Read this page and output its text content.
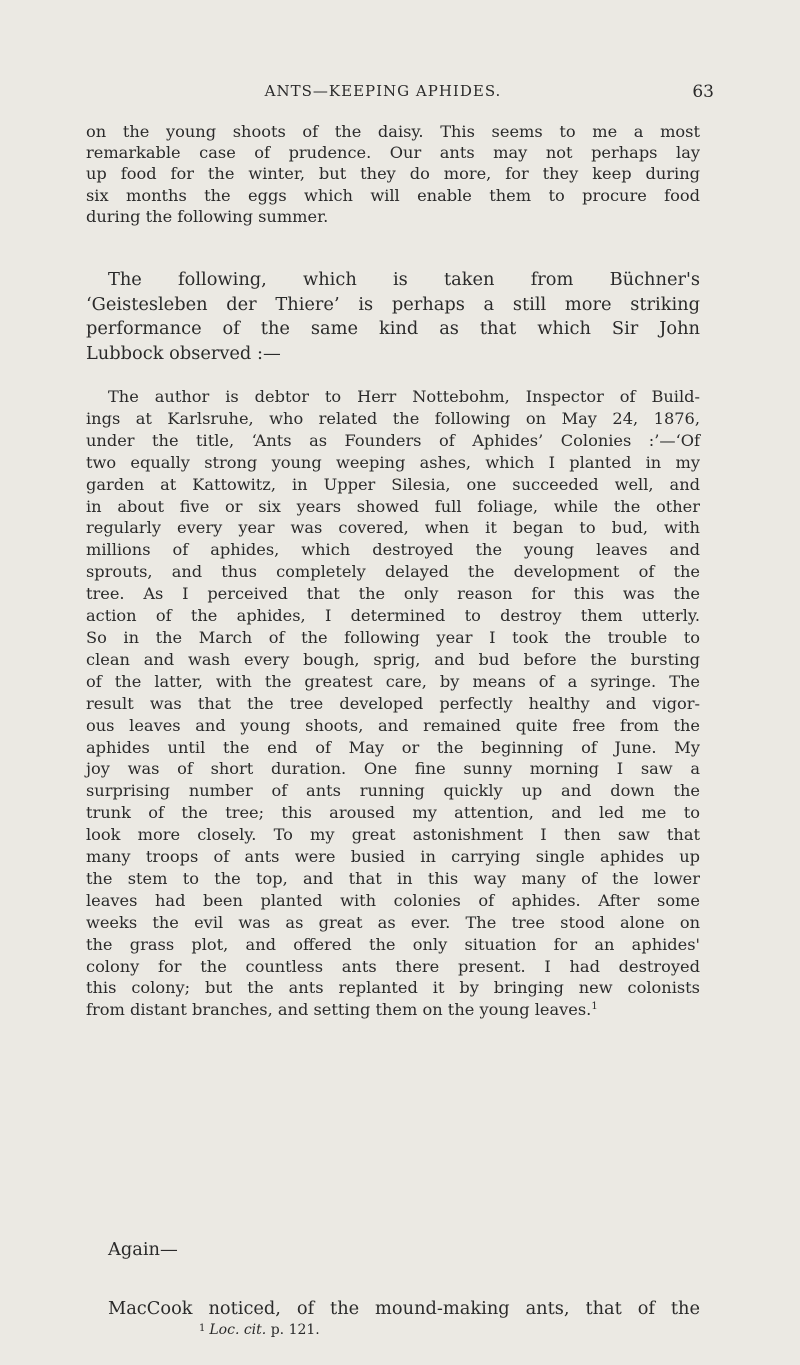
ANTS—KEEPING APHIDES.	63

on the young shoots of the daisy. This seems to me a most

remarkable case of prudence. Our ants may not perhaps lay

up food for the winter, but they do more, for they keep during

six months the eggs which will enable them to procure food

during the following summer.

The following, which is taken from Büchner's

‘Geistesleben der Thiere’ is perhaps a still more striking

performance of the same kind as that which Sir John

Lubbock observed :—

The author is debtor to Herr Nottebohm, Inspector of Build-

ings at Karlsruhe, who related the following on May 24, 1876,

under the title, ‘Ants as Founders of Aphides’ Colonies :’—‘Of

two equally strong young weeping ashes, which I planted in my

garden at Kattowitz, in Upper Silesia, one succeeded well, and

in about five or six years showed full foliage, while the other

regularly every year was covered, when it began to bud, with

millions of aphides, which destroyed the young leaves and

sprouts, and thus completely delayed the development of the

tree. As I perceived that the only reason for this was the

action of the aphides, I determined to destroy them utterly.

So in the March of the following year I took the trouble to

clean and wash every bough, sprig, and bud before the bursting

of the latter, with the greatest care, by means of a syringe. The

result was that the tree developed perfectly healthy and vigor-

ous leaves and young shoots, and remained quite free from the

aphides until the end of May or the beginning of June. My

joy was of short duration. One fine sunny morning I saw a

surprising number of ants running quickly up and down the

trunk of the tree; this aroused my attention, and led me to

look more closely. To my great astonishment I then saw that

many troops of ants were busied in carrying single aphides up

the stem to the top, and that in this way many of the lower

leaves had been planted with colonies of aphides. After some

weeks the evil was as great as ever. The tree stood alone on

the grass plot, and offered the only situation for an aphides'

colony for the countless ants there present. I had destroyed

this colony; but the ants replanted it by bringing new colonists

from distant branches, and setting them on the young leaves.$^1$

Again—

MacCook noticed, of the mound-making ants, that of the

$^1$ Loc. cit. p. 121.
